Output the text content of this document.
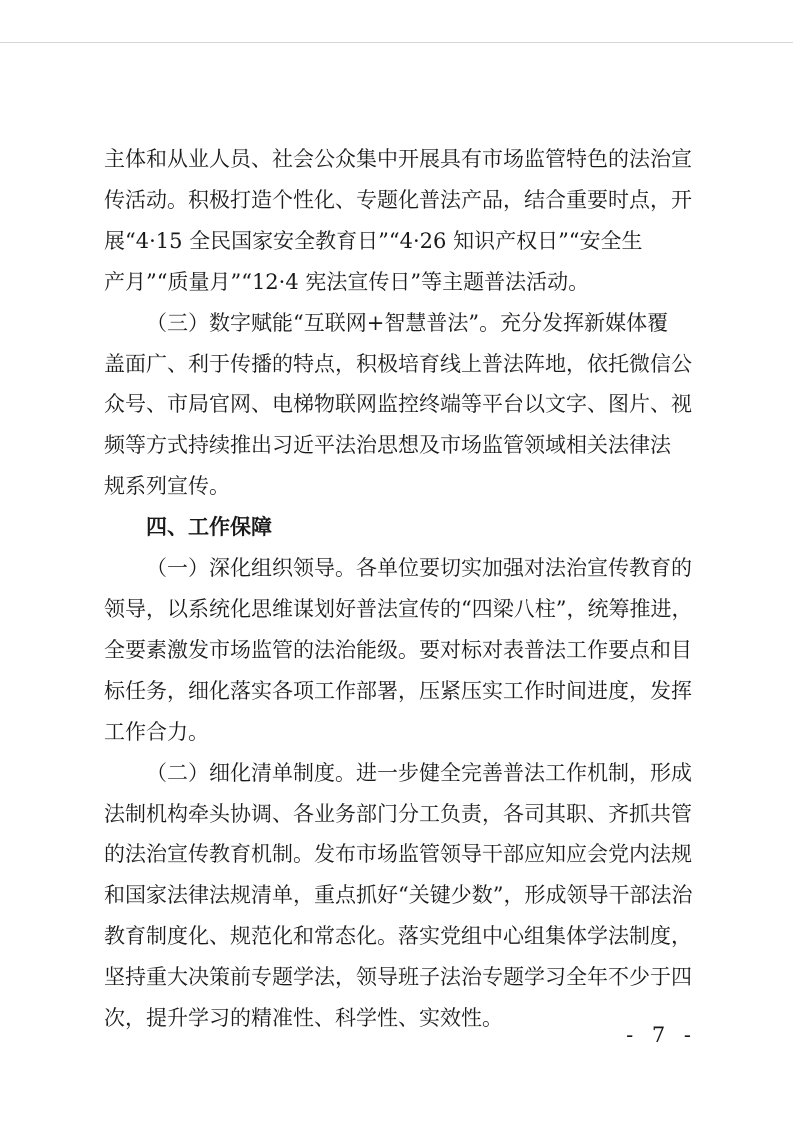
主体和从业人员、社会公众集中开展具有市场监管特色的法治宣
传活动。积极打造个性化、专题化普法产品，结合重要时点，开
展“4·15 全民国家安全教育日”“4·26 知识产权日”“安全生
产月”“质量月”“12·4 宪法宣传日”等主题普法活动。
（三）数字赋能“互联网+智慧普法”。充分发挥新媒体覆
盖面广、利于传播的特点，积极培育线上普法阵地，依托微信公
众号、市局官网、电梯物联网监控终端等平台以文字、图片、视
频等方式持续推出习近平法治思想及市场监管领域相关法律法
规系列宣传。
四、工作保障
（一）深化组织领导。各单位要切实加强对法治宣传教育的
领导，以系统化思维谋划好普法宣传的“四梁八柱”，统筹推进，
全要素激发市场监管的法治能级。要对标对表普法工作要点和目
标任务，细化落实各项工作部署，压紧压实工作时间进度，发挥
工作合力。
（二）细化清单制度。进一步健全完善普法工作机制，形成
法制机构牵头协调、各业务部门分工负责，各司其职、齐抓共管
的法治宣传教育机制。发布市场监管领导干部应知应会党内法规
和国家法律法规清单，重点抓好“关键少数”，形成领导干部法治
教育制度化、规范化和常态化。落实党组中心组集体学法制度，
坚持重大决策前专题学法，领导班子法治专题学习全年不少于四
次，提升学习的精准性、科学性、实效性。
- 7 -
